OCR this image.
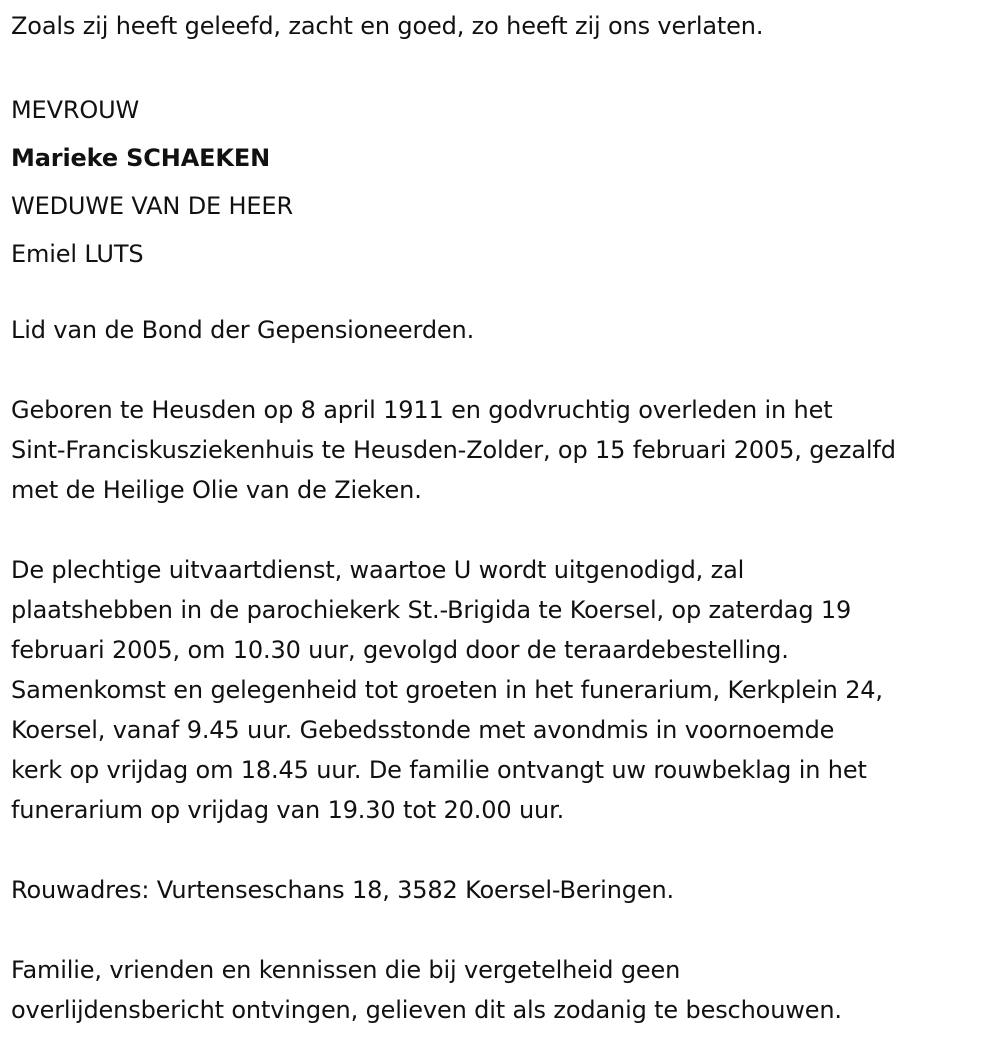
Zoals zij heeft geleefd, zacht en goed, zo heeft zij ons verlaten.

MEVROUW

Marieke SCHAEKEN

WEDUWE VAN DE HEER

Emiel LUTS

Lid van de Bond der Gepensioneerden.

Geboren te Heusden op 8 april 1911 en godvruchtig overleden in het

Sint-Franciskusziekenhuis te Heusden-Zolder, op 15 februari 2005, gezalfd

met de Heilige Olie van de Zieken.

De plechtige uitvaartdienst, waartoe U wordt uitgenodigd, zal

plaatshebben in de parochiekerk St.-Brigida te Koersel, op zaterdag 19

februari 2005, om 10.30 uur, gevolgd door de teraardebestelling.

Samenkomst en gelegenheid tot groeten in het funerarium, Kerkplein 24,

Koersel, vanaf 9.45 uur. Gebedsstonde met avondmis in voornoemde

kerk op vrijdag om 18.45 uur. De familie ontvangt uw rouwbeklag in het

funerarium op vrijdag van 19.30 tot 20.00 uur.

Rouwadres: Vurtenseschans 18, 3582 Koersel-Beringen.

Familie, vrienden en kennissen die bij vergetelheid geen

overlijdensbericht ontvingen, gelieven dit als zodanig te beschouwen.
